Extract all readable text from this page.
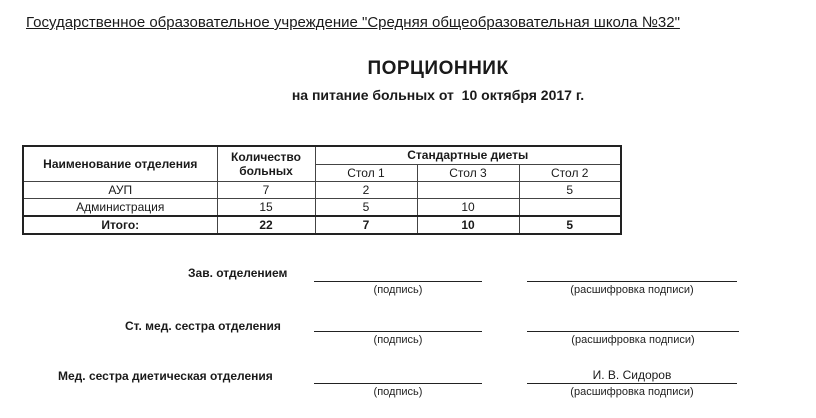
Государственное образовательное учреждение "Средняя общеобразовательная школа №32"
ПОРЦИОННИК
на питание больных от  10 октября 2017 г.
Наименование отделения	Количество больных	Стандартные диеты		
		Стол 1	Стол 3	Стол 2
АУП	7	2		5
Администрация	15	5	10	
Итого:	22	7	10	5
Зав. отделением
(подпись)	(расшифровка подписи)
Ст. мед. сестра отделения
(подпись)	(расшифровка подписи)
Мед. сестра диетическая отделения
(подпись)
И. В. Сидоров
(расшифровка подписи)
